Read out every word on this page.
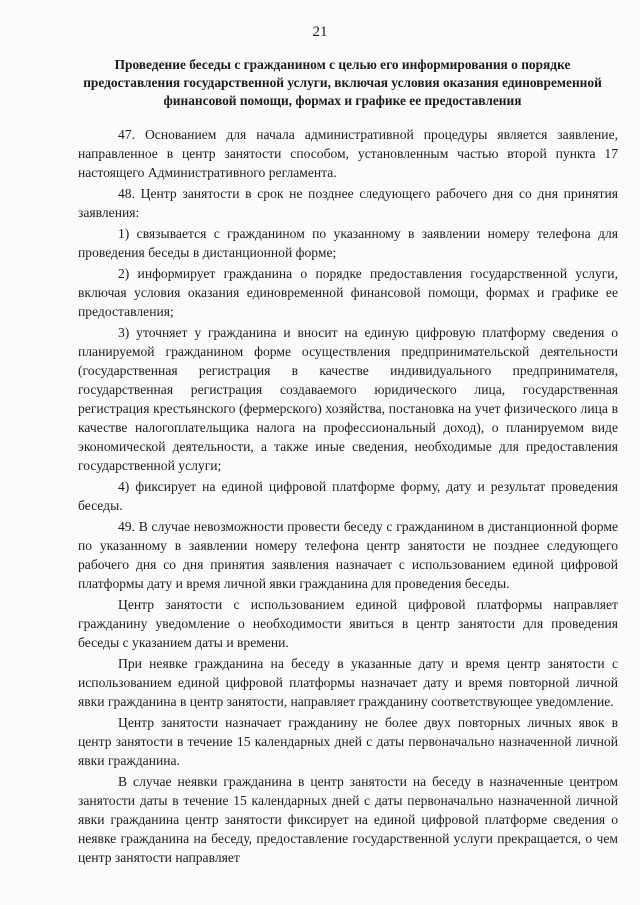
21
Проведение беседы с гражданином с целью его информирования о порядке предоставления государственной услуги, включая условия оказания единовременной финансовой помощи, формах и графике ее предоставления

47. Основанием для начала административной процедуры является заявление, направленное в центр занятости способом, установленным частью второй пункта 17 настоящего Административного регламента.

48. Центр занятости в срок не позднее следующего рабочего дня со дня принятия заявления:

1) связывается с гражданином по указанному в заявлении номеру телефона для проведения беседы в дистанционной форме;

2) информирует гражданина о порядке предоставления государственной услуги, включая условия оказания единовременной финансовой помощи, формах и графике ее предоставления;

3) уточняет у гражданина и вносит на единую цифровую платформу сведения о планируемой гражданином форме осуществления предпринимательской деятельности (государственная регистрация в качестве индивидуального предпринимателя, государственная регистрация создаваемого юридического лица, государственная регистрация крестьянского (фермерского) хозяйства, постановка на учет физического лица в качестве налогоплательщика налога на профессиональный доход), о планируемом виде экономической деятельности, а также иные сведения, необходимые для предоставления государственной услуги;

4) фиксирует на единой цифровой платформе форму, дату и результат проведения беседы.

49. В случае невозможности провести беседу с гражданином в дистанционной форме по указанному в заявлении номеру телефона центр занятости не позднее следующего рабочего дня со дня принятия заявления назначает с использованием единой цифровой платформы дату и время личной явки гражданина для проведения беседы.

Центр занятости с использованием единой цифровой платформы направляет гражданину уведомление о необходимости явиться в центр занятости для проведения беседы с указанием даты и времени.

При неявке гражданина на беседу в указанные дату и время центр занятости с использованием единой цифровой платформы назначает дату и время повторной личной явки гражданина в центр занятости, направляет гражданину соответствующее уведомление.

Центр занятости назначает гражданину не более двух повторных личных явок в центр занятости в течение 15 календарных дней с даты первоначально назначенной личной явки гражданина.

В случае неявки гражданина в центр занятости на беседу в назначенные центром занятости даты в течение 15 календарных дней с даты первоначально назначенной личной явки гражданина центр занятости фиксирует на единой цифровой платформе сведения о неявке гражданина на беседу, предоставление государственной услуги прекращается, о чем центр занятости направляет
